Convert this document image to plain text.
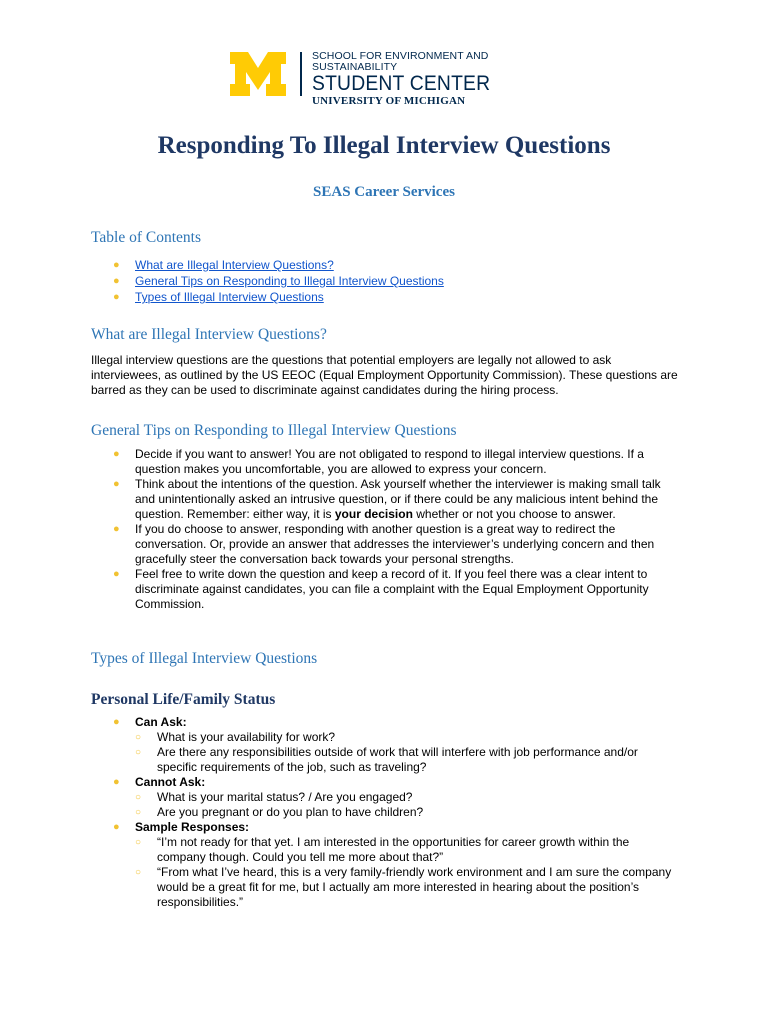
SCHOOL FOR ENVIRONMENT AND SUSTAINABILITY
STUDENT CENTER
UNIVERSITY OF MICHIGAN
Responding To Illegal Interview Questions
SEAS Career Services
Table of Contents
● What are Illegal Interview Questions?
● General Tips on Responding to Illegal Interview Questions
● Types of Illegal Interview Questions
What are Illegal Interview Questions?

Illegal interview questions are the questions that potential employers are legally not allowed to ask interviewees, as outlined by the US EEOC (Equal Employment Opportunity Commission). These questions are barred as they can be used to discriminate against candidates during the hiring process.

General Tips on Responding to Illegal Interview Questions
● Decide if you want to answer! You are not obligated to respond to illegal interview questions. If a question makes you uncomfortable, you are allowed to express your concern.
● Think about the intentions of the question. Ask yourself whether the interviewer is making small talk and unintentionally asked an intrusive question, or if there could be any malicious intent behind the question. Remember: either way, it is your decision whether or not you choose to answer.
● If you do choose to answer, responding with another question is a great way to redirect the conversation. Or, provide an answer that addresses the interviewer’s underlying concern and then gracefully steer the conversation back towards your personal strengths.
● Feel free to write down the question and keep a record of it. If you feel there was a clear intent to discriminate against candidates, you can file a complaint with the Equal Employment Opportunity Commission.
Types of Illegal Interview Questions
Personal Life/Family Status
● Can Ask:
○ What is your availability for work?
○ Are there any responsibilities outside of work that will interfere with job performance and/or specific requirements of the job, such as traveling?
● Cannot Ask:
○ What is your marital status? / Are you engaged?
○ Are you pregnant or do you plan to have children?
● Sample Responses:
○ “I’m not ready for that yet. I am interested in the opportunities for career growth within the company though. Could you tell me more about that?”
○ “From what I’ve heard, this is a very family-friendly work environment and I am sure the company would be a great fit for me, but I actually am more interested in hearing about the position’s responsibilities.”
